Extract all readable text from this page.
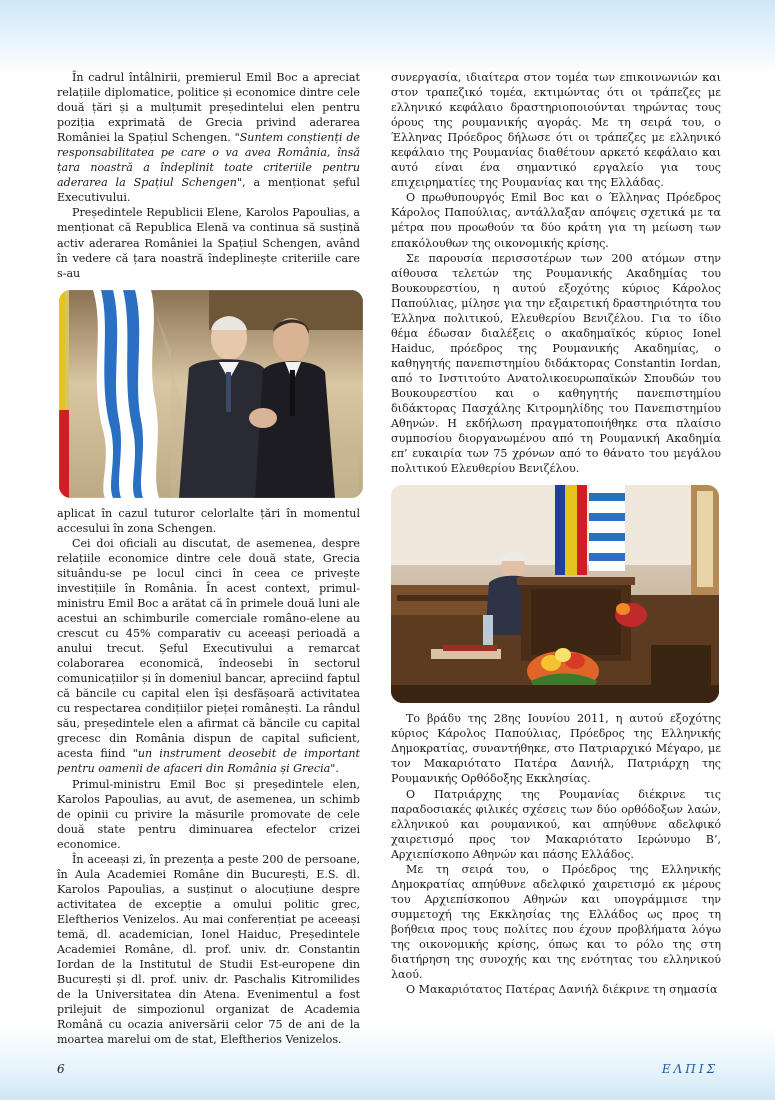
În cadrul întâlnirii, premierul Emil Boc a apreciat relațiile diplomatice, politice și economice dintre cele două țări și a mulțumit președintelui elen pentru poziția exprimată de Grecia privind aderarea României la Spațiul Schengen. "Suntem conștienți de responsabilitatea pe care o va avea România, însă țara noastră a îndeplinit toate criteriile pentru aderarea la Spațiul Schengen", a menționat șeful Executivului.

Președintele Republicii Elene, Karolos Papoulias, a menționat că Republica Elenă va continua să susțină activ aderarea României la Spațiul Schengen, având în vedere că țara noastră îndeplinește criteriile care s-au

aplicat în cazul tuturor celorlalte țări în momentul accesului în zona Schengen.

Cei doi oficiali au discutat, de asemenea, despre relațiile economice dintre cele două state, Grecia situându-se pe locul cinci în ceea ce privește investițiile în România. În acest context, primul-ministru Emil Boc a arătat că în primele două luni ale acestui an schimburile comerciale româno-elene au crescut cu 45% comparativ cu aceeași perioadă a anului trecut. Șeful Executivului a remarcat colaborarea economică, îndeosebi în sectorul comunicațiilor și în domeniul bancar, apreciind faptul că băncile cu capital elen își desfășoară activitatea cu respectarea condițiilor pieței românești. La rândul său, președintele elen a afirmat că băncile cu capital grecesc din România dispun de capital suficient, acesta fiind "un instrument deosebit de important pentru oamenii de afaceri din România și Grecia".

Primul-ministru Emil Boc și președintele elen, Karolos Papoulias, au avut, de asemenea, un schimb de opinii cu privire la măsurile promovate de cele două state pentru diminuarea efectelor crizei economice.

În aceeași zi, în prezența a peste 200 de persoane, în Aula Academiei Române din București, E.S. dl. Karolos Papoulias, a susținut o alocuțiune despre activitatea de excepție a omului politic grec, Eleftherios Venizelos. Au mai conferențiat pe aceeași temă, dl. academician, Ionel Haiduc, Președintele Academiei Române, dl. prof. univ. dr. Constantin Iordan de la Institutul de Studii Est-europene din București și dl. prof. univ. dr. Paschalis Kitromilides de la Universitatea din Atena. Evenimentul a fost prilejuit de simpozionul organizat de Academia Română cu ocazia aniversării celor 75 de ani de la moartea marelui om de stat, Eleftherios Venizelos.

συνεργασία, ιδιαίτερα στον τομέα των επικοινωνιών και στον τραπεζικό τομέα, εκτιμώντας ότι οι τράπεζες με ελληνικό κεφάλαιο δραστηριοποιούνται τηρώντας τους όρους της ρουμανικής αγοράς. Με τη σειρά του, ο Έλληνας Πρόεδρος δήλωσε ότι οι τράπεζες με ελληνικό κεφάλαιο της Ρουμανίας διαθέτουν αρκετό κεφάλαιο και αυτό είναι ένα σημαντικό εργαλείο για τους επιχειρηματίες της Ρουμανίας και της Ελλάδας.

Ο πρωθυπουργός Emil Boc και ο Έλληνας Πρόεδρος Κάρολος Παπούλιας, αντάλλαξαν απόψεις σχετικά με τα μέτρα που προωθούν τα δύο κράτη για τη μείωση των επακόλουθων της οικονομικής κρίσης.

Σε παρουσία περισσοτέρων των 200 ατόμων στην αίθουσα τελετών της Ρουμανικής Ακαδημίας του Βουκουρεστίου, η αυτού εξοχότης κύριος Κάρολος Παπούλιας, μίλησε για την εξαιρετική δραστηριότητα του Έλληνα πολιτικού, Ελευθερίου Βενιζέλου. Για το ίδιο θέμα έδωσαν διαλέξεις ο ακαδημαϊκός κύριος Ionel Haiduc, πρόεδρος της Ρουμανικής Ακαδημίας, ο καθηγητής πανεπιστημίου διδάκτορας Constantin Iordan, από το Ινστιτούτο Ανατολικοευρωπαϊκών Σπουδών του Βουκουρεστίου και ο καθηγητής πανεπιστημίου διδάκτορας Πασχάλης Κιτρομηλίδης του Πανεπιστημίου Αθηνών. Η εκδήλωση πραγματοποιήθηκε στα πλαίσιο συμποσίου διοργανωμένου από τη Ρουμανική Ακαδημία επ’ ευκαιρία των 75 χρόνων από το θάνατο του μεγάλου πολιτικού Ελευθερίου Βενιζέλου.

Το βράδυ της 28ης Ιουνίου 2011, η αυτού εξοχότης κύριος Κάρολος Παπούλιας, Πρόεδρος της Ελληνικής Δημοκρατίας, συναντήθηκε, στο Πατριαρχικό Μέγαρο, με τον Μακαριότατο Πατέρα Δανιήλ, Πατριάρχη της Ρουμανικής Ορθόδοξης Εκκλησίας.

Ο Πατριάρχης της Ρουμανίας διέκρινε τις παραδοσιακές φιλικές σχέσεις των δύο ορθόδοξων λαών, ελληνικού και ρουμανικού, και απηύθυνε αδελφικό χαιρετισμό προς τον Μακαριότατο Ιερώνυμο Β’, Αρχιεπίσκοπο Αθηνών και πάσης Ελλάδος.

Με τη σειρά του, ο Πρόεδρος της Ελληνικής Δημοκρατίας απηύθυνε αδελφικό χαιρετισμό εκ μέρους του Αρχιεπίσκοπου Αθηνών και υπογράμμισε την συμμετοχή της Εκκλησίας της Ελλάδος ως προς τη βοήθεια προς τους πολίτες που έχουν προβλήματα λόγω της οικονομικής κρίσης, όπως και το ρόλο της στη διατήρηση της συνοχής και της ενότητας του ελληνικού λαού.

Ο Μακαριότατος Πατέρας Δανιήλ διέκρινε τη σημασία

6	ΕΛΠΙΣ
